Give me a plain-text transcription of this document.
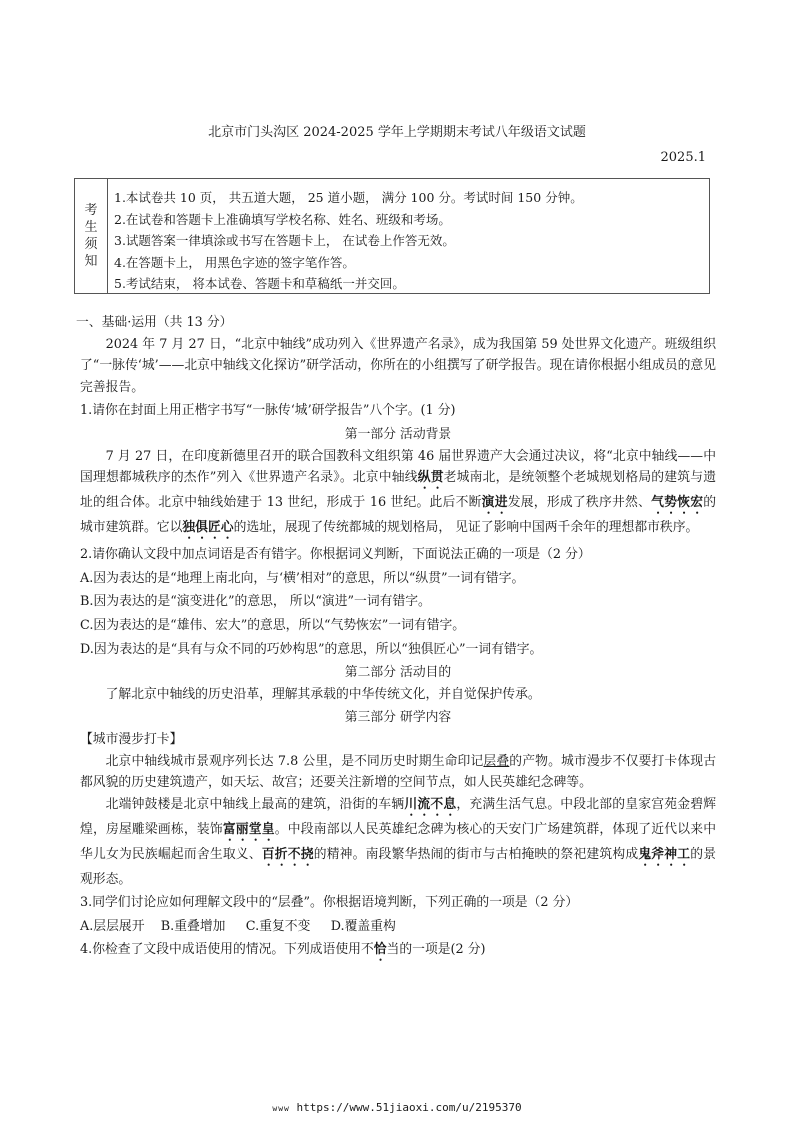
北京市门头沟区 2024-2025 学年上学期期末考试八年级语文试题
2025.1
考
生
须
知
1.本试卷共 10 页， 共五道大题， 25 道小题， 满分 100 分。考试时间 150 分钟。
2.在试卷和答题卡上准确填写学校名称、姓名、班级和考场。
3.试题答案一律填涂或书写在答题卡上， 在试卷上作答无效。
4.在答题卡上， 用黑色字迹的签字笔作答。
5.考试结束， 将本试卷、答题卡和草稿纸一并交回。

一、基础·运用（共 13 分）

2024 年 7 月 27 日，“北京中轴线”成功列入《世界遗产名录》，成为我国第 59 处世界文化遗产。班级组织了“一脉传‘城’——北京中轴线文化探访”研学活动，你所在的小组撰写了研学报告。现在请你根据小组成员的意见完善报告。

1.请你在封面上用正楷字书写“一脉传‘城’研学报告”八个字。(1 分)

第一部分 活动背景

7 月 27 日，在印度新德里召开的联合国教科文组织第 46 届世界遗产大会通过决议，将“北京中轴线——中国理想都城秩序的杰作”列入《世界遗产名录》。北京中轴线纵贯老城南北，是统领整个老城规划格局的建筑与遗址的组合体。北京中轴线始建于 13 世纪，形成于 16 世纪。此后不断演进发展，形成了秩序井然、气势恢宏的城市建筑群。它以独俱匠心的选址，展现了传统都城的规划格局， 见证了影响中国两千余年的理想都市秩序。

2.请你确认文段中加点词语是否有错字。你根据词义判断，下面说法正确的一项是（2 分）

A.因为表达的是“地理上南北向，与‘横’相对”的意思，所以“纵贯”一词有错字。

B.因为表达的是“演变进化”的意思， 所以“演进”一词有错字。

C.因为表达的是“雄伟、宏大”的意思，所以“气势恢宏”一词有错字。

D.因为表达的是“具有与众不同的巧妙构思”的意思，所以“独俱匠心”一词有错字。

第二部分 活动目的

了解北京中轴线的历史沿革，理解其承载的中华传统文化，并自觉保护传承。

第三部分 研学内容

【城市漫步打卡】

北京中轴线城市景观序列长达 7.8 公里，是不同历史时期生命印记层叠的产物。城市漫步不仅要打卡体现古都风貌的历史建筑遗产，如天坛、故宫；还要关注新增的空间节点，如人民英雄纪念碑等。

北端钟鼓楼是北京中轴线上最高的建筑，沿街的车辆川流不息，充满生活气息。中段北部的皇家宫苑金碧辉煌，房屋雕梁画栋，装饰富丽堂皇。中段南部以人民英雄纪念碑为核心的天安门广场建筑群，体现了近代以来中华儿女为民族崛起而舍生取义、百折不挠的精神。南段繁华热闹的街市与古柏掩映的祭祀建筑构成鬼斧神工的景观形态。

3.同学们讨论应如何理解文段中的“层叠”。你根据语境判断，下列正确的一项是（2 分）

A.层层展开 B.重叠增加 C.重复不变 D.覆盖重构

4.你检查了文段中成语使用的情况。下列成语使用不恰当的一项是(2 分)

www https://www.51jiaoxi.com/u/2195370
